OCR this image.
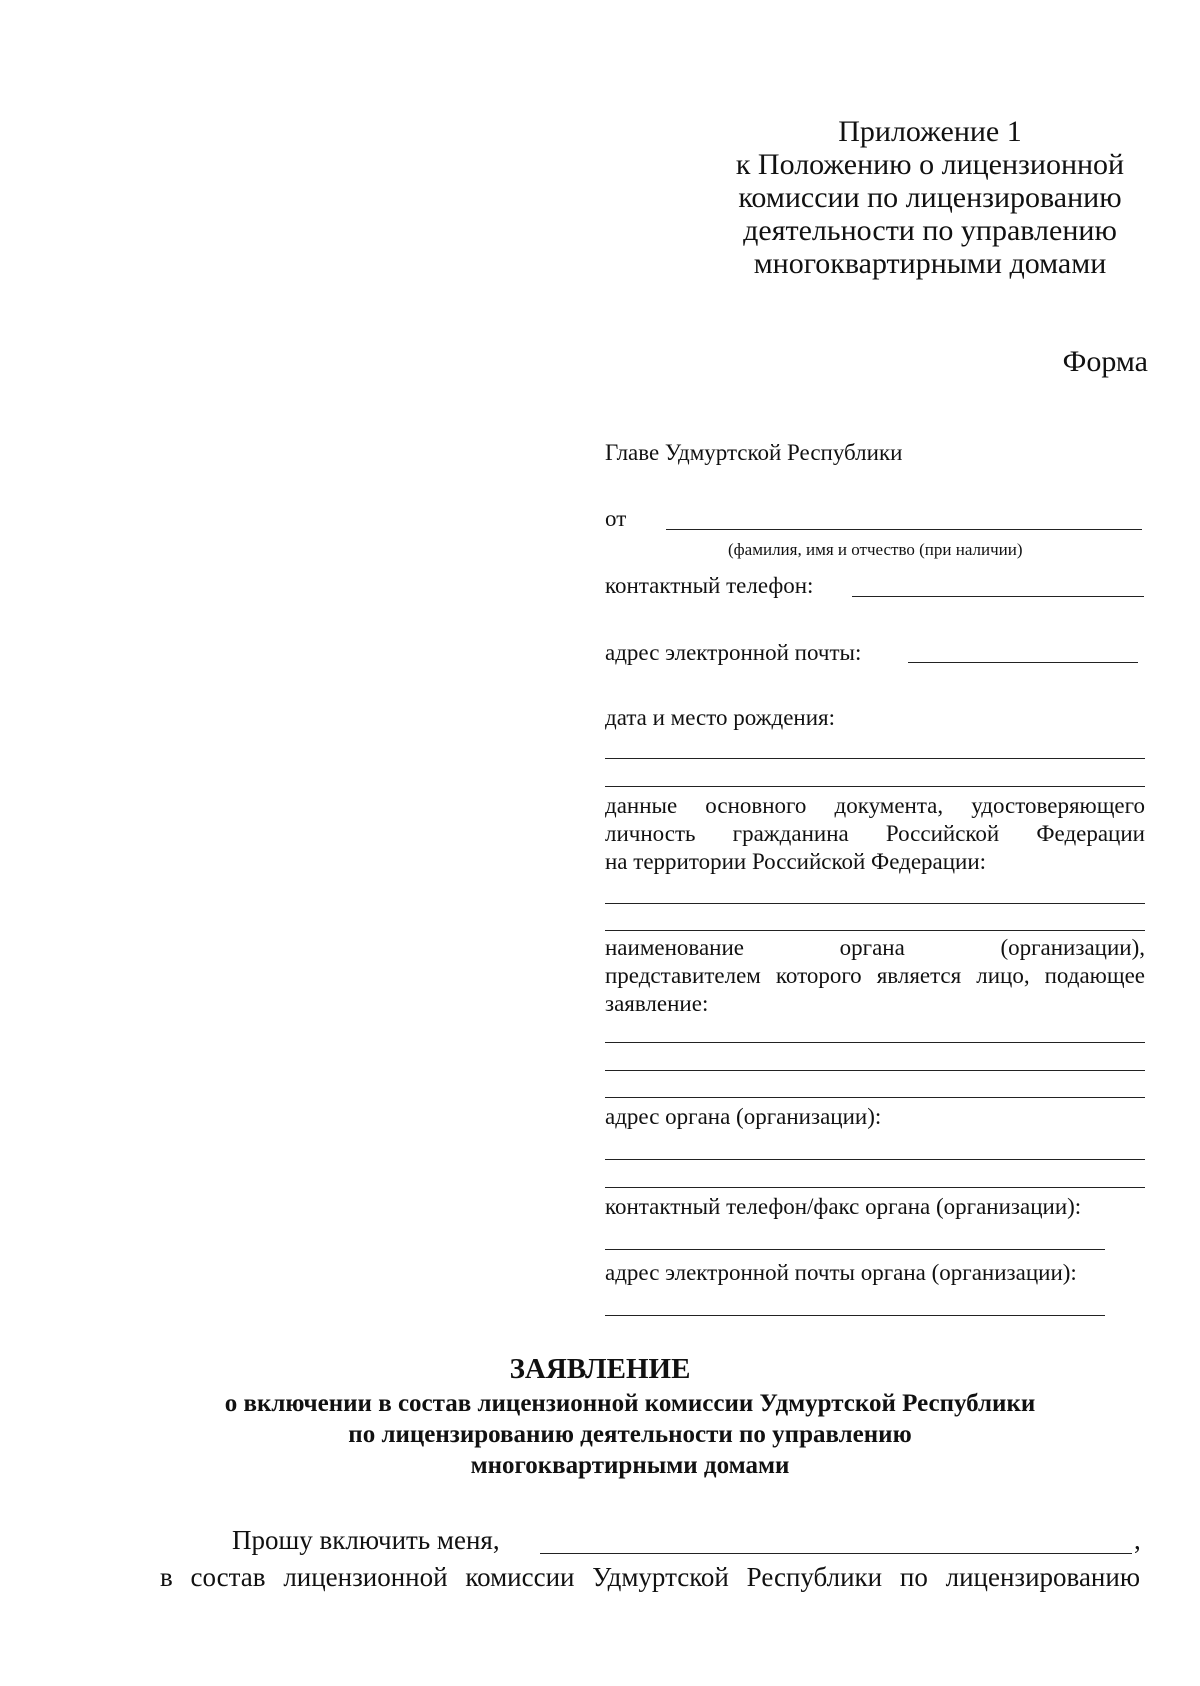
Приложение 1
к Положению о лицензионной
комиссии по лицензированию
деятельности по управлению
многоквартирными домами
Форма
Главе Удмуртской Республики
от
(фамилия, имя и отчество (при наличии)
контактный телефон:
адрес электронной почты:
дата и место рождения:
данные основного документа, удостоверяющего
личность гражданина Российской Федерации
на территории Российской Федерации:
наименование органа (организации),
представителем которого является лицо, подающее
заявление:
адрес органа (организации):
контактный телефон/факс органа (организации):
адрес электронной почты органа (организации):
ЗАЯВЛЕНИЕ
о включении в состав лицензионной комиссии Удмуртской Республики
по лицензированию деятельности по управлению
многоквартирными домами
Прошу включить меня,	,
в состав лицензионной комиссии Удмуртской Республики по лицензированию
